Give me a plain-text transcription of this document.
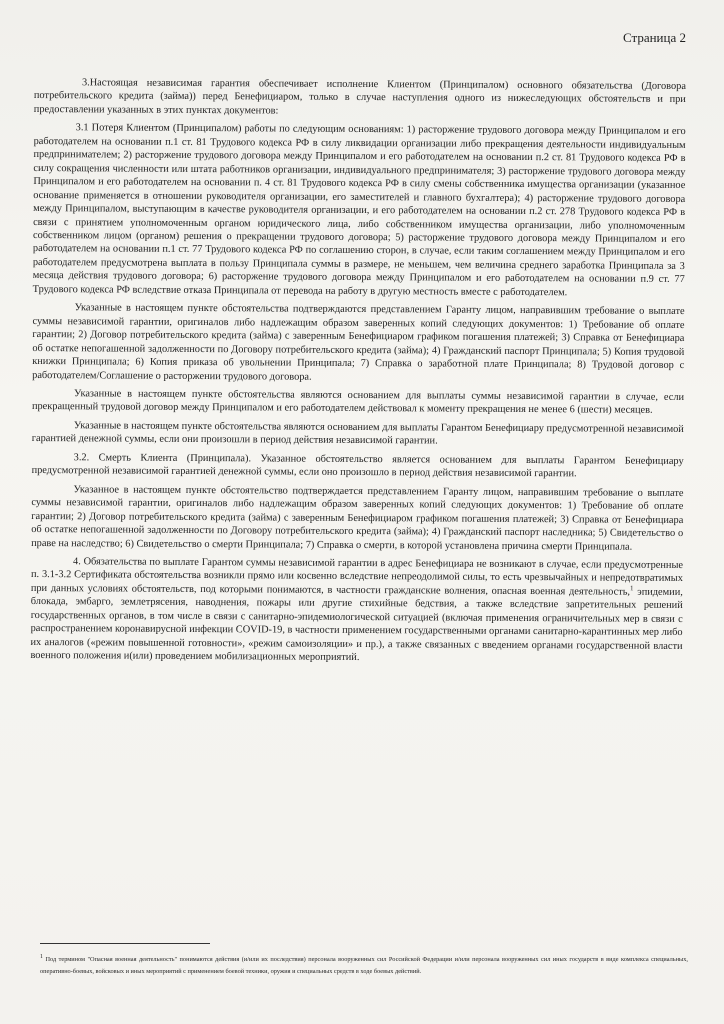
Страница 2

3.Настоящая независимая гарантия обеспечивает исполнение Клиентом (Принципалом) основного обязательства (Договора потребительского кредита (займа)) перед Бенефициаром, только в случае наступления одного из нижеследующих обстоятельств и при предоставлении указанных в этих пунктах документов:

3.1 Потеря Клиентом (Принципалом) работы по следующим основаниям: 1) расторжение трудового договора между Принципалом и его работодателем на основании п.1 ст. 81 Трудового кодекса РФ в силу ликвидации организации либо прекращения деятельности индивидуальным предпринимателем; 2) расторжение трудового договора между Принципалом и его работодателем на основании п.2 ст. 81 Трудового кодекса РФ в силу сокращения численности или штата работников организации, индивидуального предпринимателя; 3) расторжение трудового договора между Принципалом и его работодателем на основании п. 4 ст. 81 Трудового кодекса РФ в силу смены собственника имущества организации (указанное основание применяется в отношении руководителя организации, его заместителей и главного бухгалтера); 4) расторжение трудового договора между Принципалом, выступающим в качестве руководителя организации, и его работодателем на основании п.2 ст. 278 Трудового кодекса РФ в связи с принятием уполномоченным органом юридического лица, либо собственником имущества организации, либо уполномоченным собственником лицом (органом) решения о прекращении трудового договора; 5) расторжение трудового договора между Принципалом и его работодателем на основании п.1 ст. 77 Трудового кодекса РФ по соглашению сторон, в случае, если таким соглашением между Принципалом и его работодателем предусмотрена выплата в пользу Принципала суммы в размере, не меньшем, чем величина среднего заработка Принципала за 3 месяца действия трудового договора; 6) расторжение трудового договора между Принципалом и его работодателем на основании п.9 ст. 77 Трудового кодекса РФ вследствие отказа Принципала от перевода на работу в другую местность вместе с работодателем.

Указанные в настоящем пункте обстоятельства подтверждаются представлением Гаранту лицом, направившим требование о выплате суммы независимой гарантии, оригиналов либо надлежащим образом заверенных копий следующих документов: 1) Требование об оплате гарантии; 2) Договор потребительского кредита (займа) с заверенным Бенефициаром графиком погашения платежей; 3) Справка от Бенефициара об остатке непогашенной задолженности по Договору потребительского кредита (займа); 4) Гражданский паспорт Принципала; 5) Копия трудовой книжки Принципала; 6) Копия приказа об увольнении Принципала; 7) Справка о заработной плате Принципала; 8) Трудовой договор с работодателем/Соглашение о расторжении трудового договора.

Указанные в настоящем пункте обстоятельства являются основанием для выплаты суммы независимой гарантии в случае, если прекращенный трудовой договор между Принципалом и его работодателем действовал к моменту прекращения не менее 6 (шести) месяцев.

Указанные в настоящем пункте обстоятельства являются основанием для выплаты Гарантом Бенефициару предусмотренной независимой гарантией денежной суммы, если они произошли в период действия независимой гарантии.

3.2. Смерть Клиента (Принципала). Указанное обстоятельство является основанием для выплаты Гарантом Бенефициару предусмотренной независимой гарантией денежной суммы, если оно произошло в период действия независимой гарантии.

Указанное в настоящем пункте обстоятельство подтверждается представлением Гаранту лицом, направившим требование о выплате суммы независимой гарантии, оригиналов либо надлежащим образом заверенных копий следующих документов: 1) Требование об оплате гарантии; 2) Договор потребительского кредита (займа) с заверенным Бенефициаром графиком погашения платежей; 3) Справка от Бенефициара об остатке непогашенной задолженности по Договору потребительского кредита (займа); 4) Гражданский паспорт наследника; 5) Свидетельство о праве на наследство; 6) Свидетельство о смерти Принципала; 7) Справка о смерти, в которой установлена причина смерти Принципала.

4. Обязательства по выплате Гарантом суммы независимой гарантии в адрес Бенефициара не возникают в случае, если предусмотренные п. 3.1-3.2 Сертификата обстоятельства возникли прямо или косвенно вследствие непреодолимой силы, то есть чрезвычайных и непредотвратимых при данных условиях обстоятельств, под которыми понимаются, в частности гражданские волнения, опасная военная деятельность,$^1$ эпидемии, блокада, эмбарго, землетрясения, наводнения, пожары или другие стихийные бедствия, а также вследствие запретительных решений государственных органов, в том числе в связи с санитарно-эпидемиологической ситуацией (включая применения ограничительных мер в связи с распространением коронавирусной инфекции COVID-19, в частности применением государственными органами санитарно-карантинных мер либо их аналогов («режим повышенной готовности», «режим самоизоляции» и пр.), а также связанных с введением органами государственной власти военного положения и(или) проведением мобилизационных мероприятий.

$^1$ Под термином "Опасная военная деятельность" понимаются действия (и/или их последствия) персонала вооруженных сил Российской Федерации и/или персонала вооруженных сил иных государств в виде комплекса специальных, оперативно-боевых, войсковых и иных мероприятий с применением боевой техники, оружия и специальных средств в ходе боевых действий.
